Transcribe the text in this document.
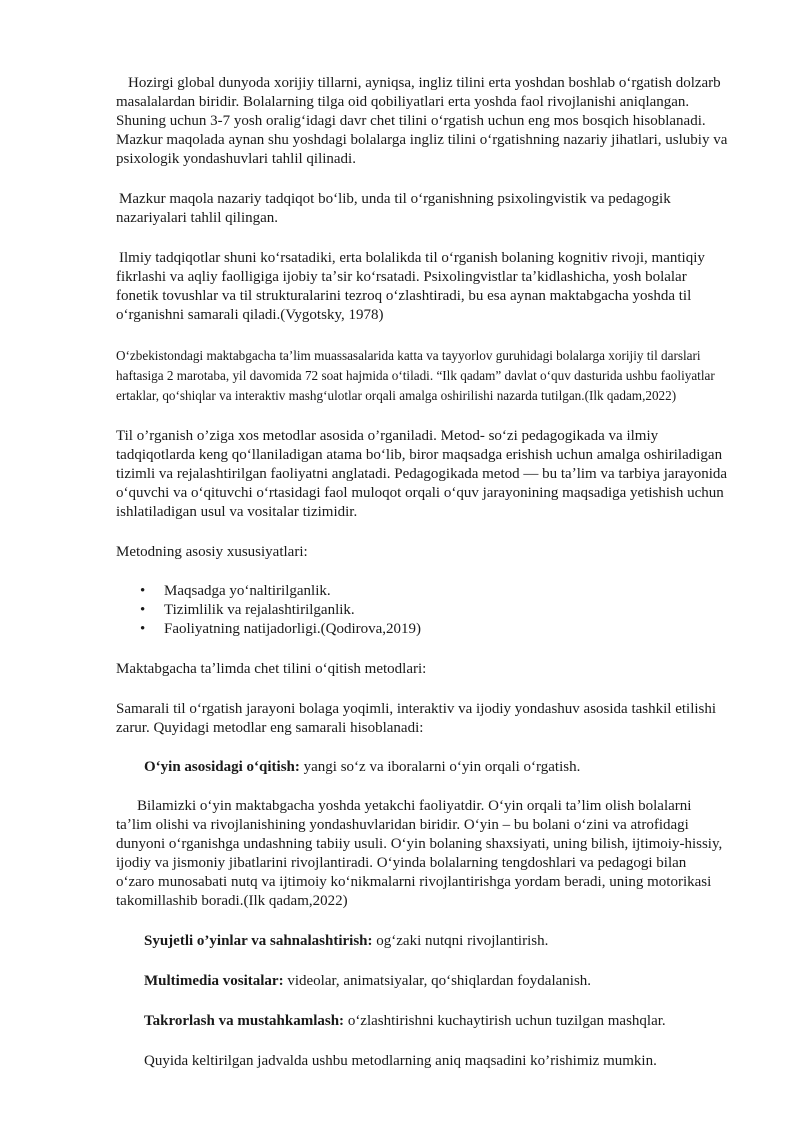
Hozirgi global dunyoda xorijiy tillarni, ayniqsa, ingliz tilini erta yoshdan boshlab oʻrgatish dolzarb masalalardan biridir. Bolalarning tilga oid qobiliyatlari erta yoshda faol rivojlanishi aniqlangan. Shuning uchun 3-7 yosh oraligʻidagi davr chet tilini oʻrgatish uchun eng mos bosqich hisoblanadi. Mazkur maqolada aynan shu yoshdagi bolalarga ingliz tilini oʻrgatishning nazariy jihatlari, uslubiy va psixologik yondashuvlari tahlil qilinadi.

Mazkur maqola nazariy tadqiqot boʻlib, unda til oʻrganishning psixolingvistik va pedagogik nazariyalari tahlil qilingan.

Ilmiy tadqiqotlar shuni koʻrsatadiki, erta bolalikda til oʻrganish bolaning kognitiv rivoji, mantiqiy fikrlashi va aqliy faolligiga ijobiy taʼsir koʻrsatadi. Psixolingvistlar taʼkidlashicha, yosh bolalar fonetik tovushlar va til strukturalarini tezroq oʻzlashtiradi, bu esa aynan maktabgacha yoshda til oʻrganishni samarali qiladi.(Vygotsky, 1978)

Oʻzbekistondagi maktabgacha taʼlim muassasalarida katta va tayyorlov guruhidagi bolalarga xorijiy til darslari haftasiga 2 marotaba, yil davomida 72 soat hajmida oʻtiladi. “Ilk qadam” davlat oʻquv dasturida ushbu faoliyatlar ertaklar, qoʻshiqlar va interaktiv mashgʻulotlar orqali amalga oshirilishi nazarda tutilgan.(Ilk qadam,2022)

Til o’rganish o’ziga xos metodlar asosida o’rganiladi. Metod- soʻzi pedagogikada va ilmiy tadqiqotlarda keng qoʻllaniladigan atama boʻlib, biror maqsadga erishish uchun amalga oshiriladigan tizimli va rejalashtirilgan faoliyatni anglatadi. Pedagogikada metod — bu taʼlim va tarbiya jarayonida oʻquvchi va oʻqituvchi oʻrtasidagi faol muloqot orqali oʻquv jarayonining maqsadiga yetishish uchun ishlatiladigan usul va vositalar tizimidir.

Metodning asosiy xususiyatlari:

• Maqsadga yoʻnaltirilganlik.
• Tizimlilik va rejalashtirilganlik.
• Faoliyatning natijadorligi.(Qodirova,2019)

Maktabgacha taʼlimda chet tilini oʻqitish metodlari:

Samarali til oʻrgatish jarayoni bolaga yoqimli, interaktiv va ijodiy yondashuv asosida tashkil etilishi zarur. Quyidagi metodlar eng samarali hisoblanadi:

Oʻyin asosidagi oʻqitish: yangi soʻz va iboralarni oʻyin orqali oʻrgatish.

Bilamizki oʻyin maktabgacha yoshda yetakchi faoliyatdir. Oʻyin orqali taʼlim olish bolalarni taʼlim olishi va rivojlanishining yondashuvlaridan biridir. Oʻyin – bu bolani oʻzini va atrofidagi dunyoni oʻrganishga undashning tabiiy usuli. Oʻyin bolaning shaxsiyati, uning bilish, ijtimoiy-hissiy, ijodiy va jismoniy jibatlarini rivojlantiradi. Oʻyinda bolalarning tengdoshlari va pedagogi bilan oʻzaro munosabati nutq va ijtimoiy koʻnikmalarni rivojlantirishga yordam beradi, uning motorikasi takomillashib boradi.(Ilk qadam,2022)

Syujetli o’yinlar va sahnalashtirish: ogʻzaki nutqni rivojlantirish.

Multimedia vositalar: videolar, animatsiyalar, qoʻshiqlardan foydalanish.

Takrorlash va mustahkamlash: oʻzlashtirishni kuchaytirish uchun tuzilgan mashqlar.

Quyida keltirilgan jadvalda ushbu metodlarning aniq maqsadini ko’rishimiz mumkin.
